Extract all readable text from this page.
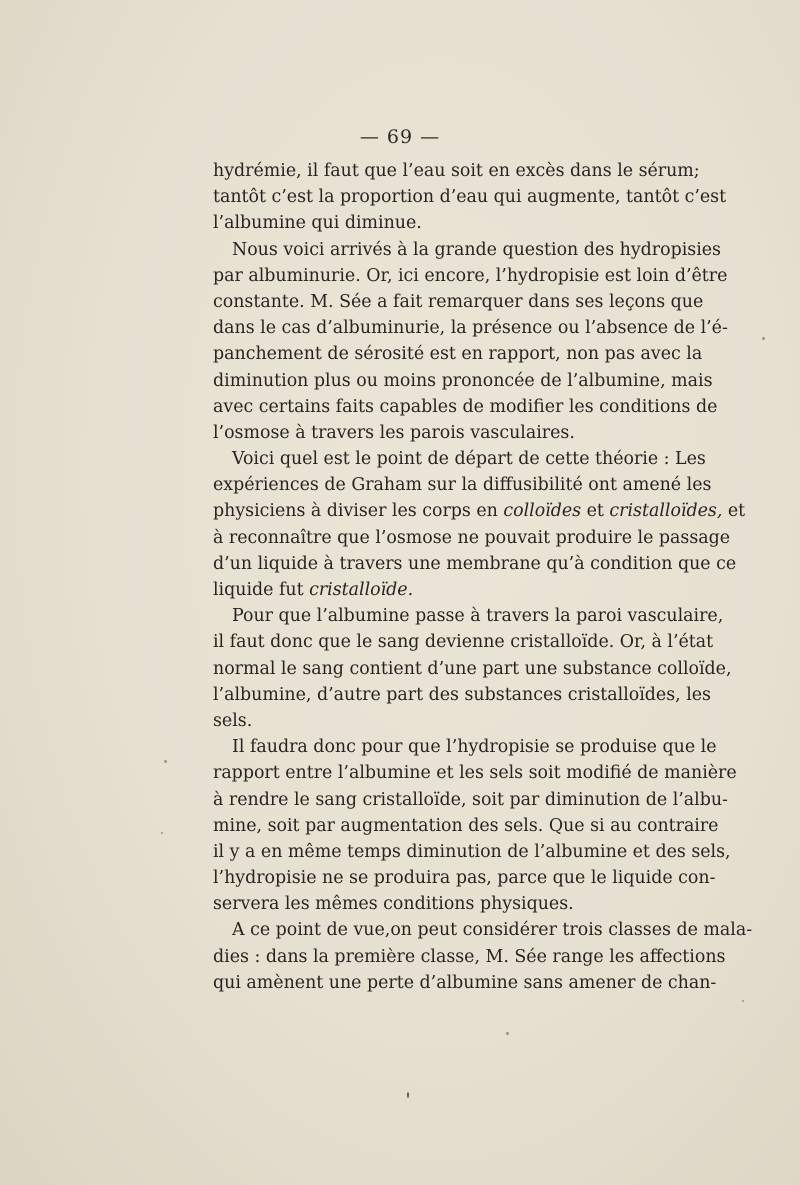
— 69 —
hydrémie, il faut que l’eau soit en excès dans le sérum;
tantôt c’est la proportion d’eau qui augmente, tantôt c’est
l’albumine qui diminue.
Nous voici arrivés à la grande question des hydropisies
par albuminurie. Or, ici encore, l’hydropisie est loin d’être
constante. M. Sée a fait remarquer dans ses leçons que
dans le cas d’albuminurie, la présence ou l’absence de l’é-
panchement de sérosité est en rapport, non pas avec la
diminution plus ou moins prononcée de l’albumine, mais
avec certains faits capables de modifier les conditions de
l’osmose à travers les parois vasculaires.
Voici quel est le point de départ de cette théorie : Les
expériences de Graham sur la diffusibilité ont amené les
physiciens à diviser les corps en colloïdes et cristalloïdes, et
à reconnaître que l’osmose ne pouvait produire le passage
d’un liquide à travers une membrane qu’à condition que ce
liquide fut cristalloïde.
Pour que l’albumine passe à travers la paroi vasculaire,
il faut donc que le sang devienne cristalloïde. Or, à l’état
normal le sang contient d’une part une substance colloïde,
l’albumine, d’autre part des substances cristalloïdes, les
sels.
Il faudra donc pour que l’hydropisie se produise que le
rapport entre l’albumine et les sels soit modifié de manière
à rendre le sang cristalloïde, soit par diminution de l’albu-
mine, soit par augmentation des sels. Que si au contraire
il y a en même temps diminution de l’albumine et des sels,
l’hydropisie ne se produira pas, parce que le liquide con-
servera les mêmes conditions physiques.
A ce point de vue,on peut considérer trois classes de mala-
dies : dans la première classe, M. Sée range les affections
qui amènent une perte d’albumine sans amener de chan-
